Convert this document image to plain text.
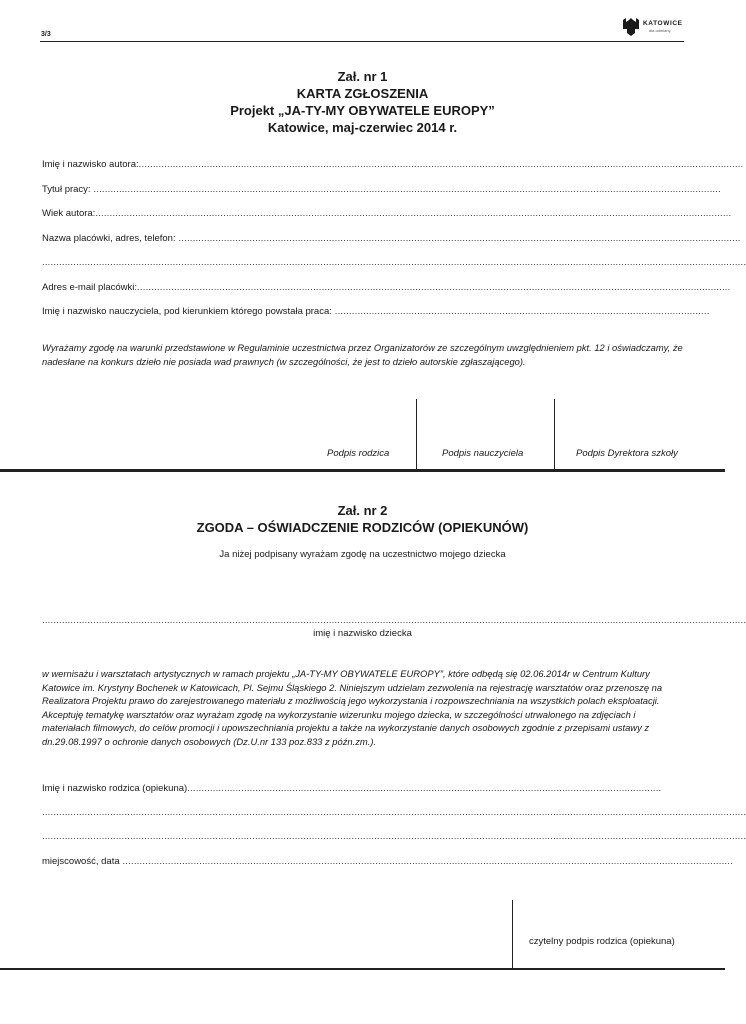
3/3
KATOWICE
dla odmiany
Zał. nr 1
KARTA ZGŁOSZENIA
Projekt „JA-TY-MY OBYWATELE EUROPY”
Katowice, maj-czerwiec 2014 r.
Imię i nazwisko autora:.....................................................................................................................................................................................................................
Tytuł pracy: .............................................................................................................................................................................................................................
Wiek autora:................................................................................................................................................................................................................................
Nazwa placówki, adres, telefon: ......................................................................................................................................................................................................
........................................................................................................................................................................................................................................................
Adres e-mail placówki:.................................................................................................................................................................................................................
Imię i nazwisko nauczyciela, pod kierunkiem którego powstała praca: ....................................................................................................................................
Wyrażamy zgodę na warunki przedstawione w Regulaminie uczestnictwa przez Organizatorów ze szczególnym uwzględnieniem pkt. 12 i oświadczamy, że nadesłane na konkurs dzieło nie posiada wad prawnych (w szczególności, że jest to dzieło autorskie zgłaszającego).
Podpis rodzica	Podpis nauczyciela	Podpis Dyrektora szkoły
Zał. nr 2
ZGODA – OŚWIADCZENIE RODZICÓW (OPIEKUNÓW)
Ja niżej podpisany wyrażam zgodę na uczestnictwo mojego dziecka
........................................................................................................................................................................................................................................................
imię i nazwisko dziecka
w wernisażu i warsztatach artystycznych w ramach projektu „JA-TY-MY OBYWATELE EUROPY”, które odbędą się 02.06.2014r w Centrum Kultury Katowice im. Krystyny Bochenek w Katowicach, Pl. Sejmu Śląskiego 2. Niniejszym udzielam zezwolenia na rejestrację warsztatów oraz przenoszę na Realizatora Projektu prawo do zarejestrowanego materiału z możliwością jego wykorzystania i rozpowszechniania na wszystkich polach eksploatacji. Akceptuję tematykę warsztatów oraz wyrażam zgodę na wykorzystanie wizerunku mojego dziecka, w szczególności utrwalonego na zdjęciach i materiałach filmowych, do celów promocji i upowszechniania projektu a także na wykorzystanie danych osobowych zgodnie z przepisami ustawy z dn.29.08.1997 o ochronie danych osobowych (Dz.U.nr 133 poz.833 z późn.zm.).
Imię i nazwisko rodzica (opiekuna).......................................................................................................................................................................
........................................................................................................................................................................................................................................................
........................................................................................................................................................................................................................................................
miejscowość, data .......................................................................................................................................................................................................................
czytelny podpis rodzica (opiekuna)
